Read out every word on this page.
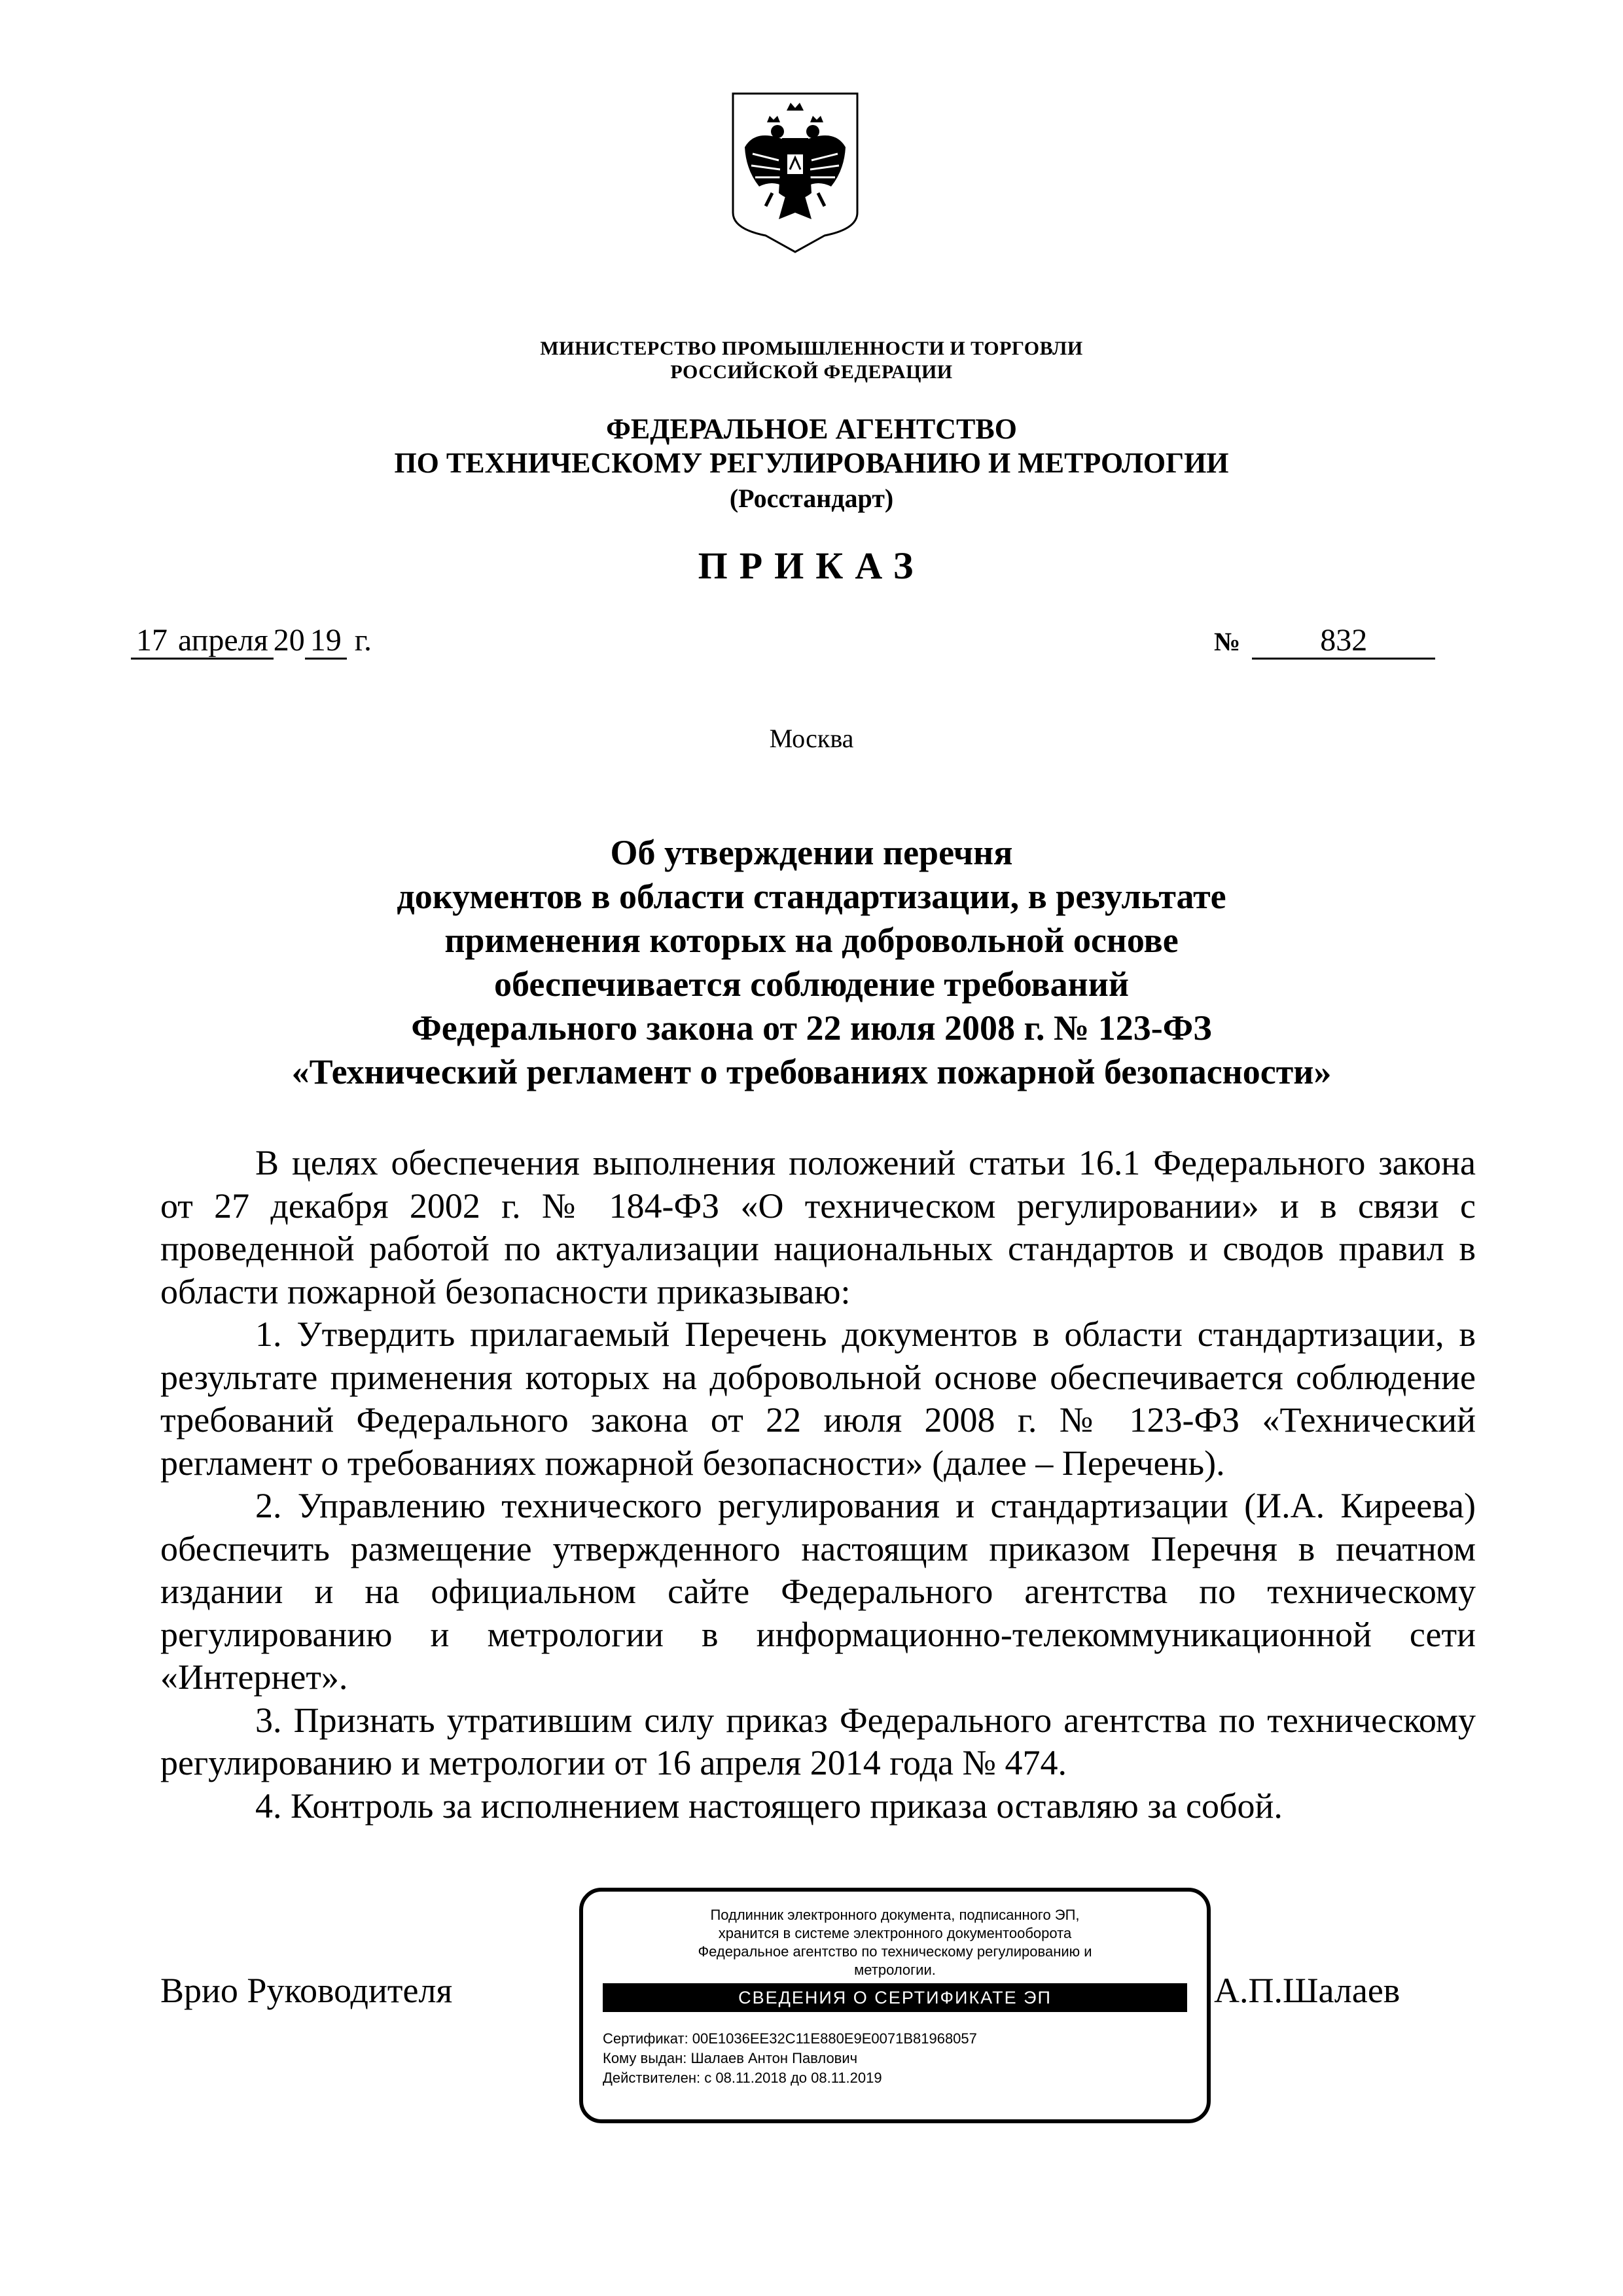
МИНИСТЕРСТВО ПРОМЫШЛЕННОСТИ И ТОРГОВЛИ
РОССИЙСКОЙ ФЕДЕРАЦИИ
ФЕДЕРАЛЬНОЕ АГЕНТСТВО
ПО ТЕХНИЧЕСКОМУ РЕГУЛИРОВАНИЮ И МЕТРОЛОГИИ
(Росстандарт)
ПРИКАЗ
17 апреля 20 19 г.	№	832
Москва
Об утверждении перечня
документов в области стандартизации, в результате
применения которых на добровольной основе
обеспечивается соблюдение требований
Федерального закона от 22 июля 2008 г. № 123-ФЗ
«Технический регламент о требованиях пожарной безопасности»

В целях обеспечения выполнения положений статьи 16.1 Федерального закона от 27 декабря 2002 г. № 184-ФЗ «О техническом регулировании» и в связи с проведенной работой по актуализации национальных стандартов и сводов правил в области пожарной безопасности приказываю:

1. Утвердить прилагаемый Перечень документов в области стандартизации, в результате применения которых на добровольной основе обеспечивается соблюдение требований Федерального закона от 22 июля 2008 г. № 123-ФЗ «Технический регламент о требованиях пожарной безопасности» (далее – Перечень).

2. Управлению технического регулирования и стандартизации (И.А. Киреева) обеспечить размещение утвержденного настоящим приказом Перечня в печатном издании и на официальном сайте Федерального агентства по техническому регулированию и метрологии в информационно-телекоммуникационной сети «Интернет».

3. Признать утратившим силу приказ Федерального агентства по техническому регулированию и метрологии от 16 апреля 2014 года № 474.

4. Контроль за исполнением настоящего приказа оставляю за собой.

Врио Руководителя	А.П.Шалаев
Подлинник электронного документа, подписанного ЭП,
хранится в системе электронного документооборота
Федеральное агентство по техническому регулированию и
метрологии.
СВЕДЕНИЯ О СЕРТИФИКАТЕ ЭП
Сертификат: 00E1036EE32C11E880E9E0071B81968057
Кому выдан: Шалаев Антон Павлович
Действителен: с 08.11.2018 до 08.11.2019
